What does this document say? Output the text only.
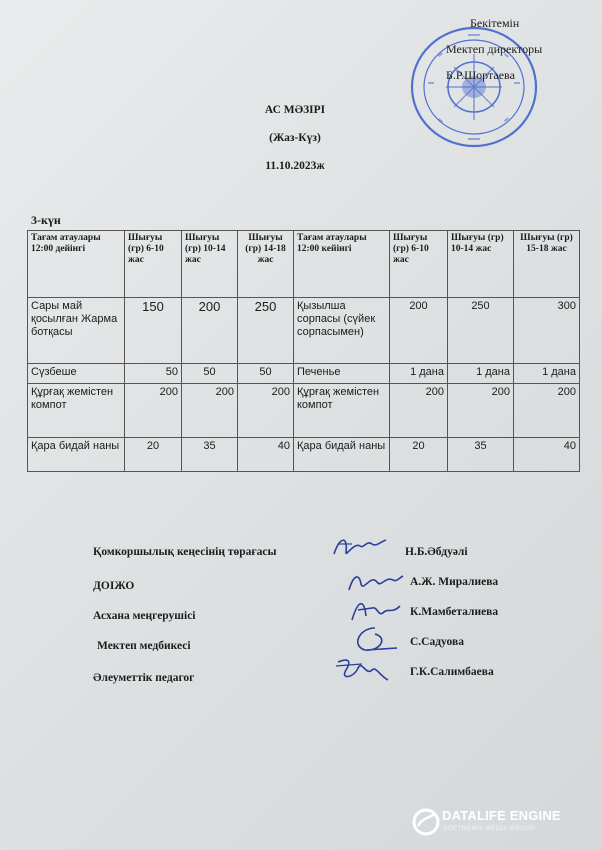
Бекітемін
Мектеп директоры
Б.Р.Шортаева
АС МӘЗІРІ
(Жаз-Күз)
11.10.2023ж
3-күн
Тағам атаулары 12:00 дейінгі	Шығуы (гр) 6-10 жас	Шығуы (гр) 10-14 жас	Шығуы (гр) 14-18 жас	Тағам атаулары 12:00 кейінгі	Шығуы (гр) 6-10 жас	Шығуы (гр) 10-14 жас	Шығуы (гр) 15-18 жас
Сары май қосылған Жарма ботқасы	150	200	250	Қызылша сорпасы (сүйек сорпасымен)	200	250	300
Сүзбеше	50	50	50	Печенье	1 дана	1 дана	1 дана
Құрғақ жемістен компот	200	200	200	Құрғақ жемістен компот	200	200	200
Қара бидай наны	20	35	40	Қара бидай наны	20	35	40
Қомкоршылық кеңесінің төрағасы
ДОІЖО
Асхана меңгерушісі
Мектеп медбикесі
Әлеуметтік педагог
Н.Б.Әбдуәлі
А.Ж. Миралиева
К.Мамбеталиева
С.Садуова
Г.К.Салимбаева
DATALIFE ENGINE
SOFTNEWS MEDIA GROUP
